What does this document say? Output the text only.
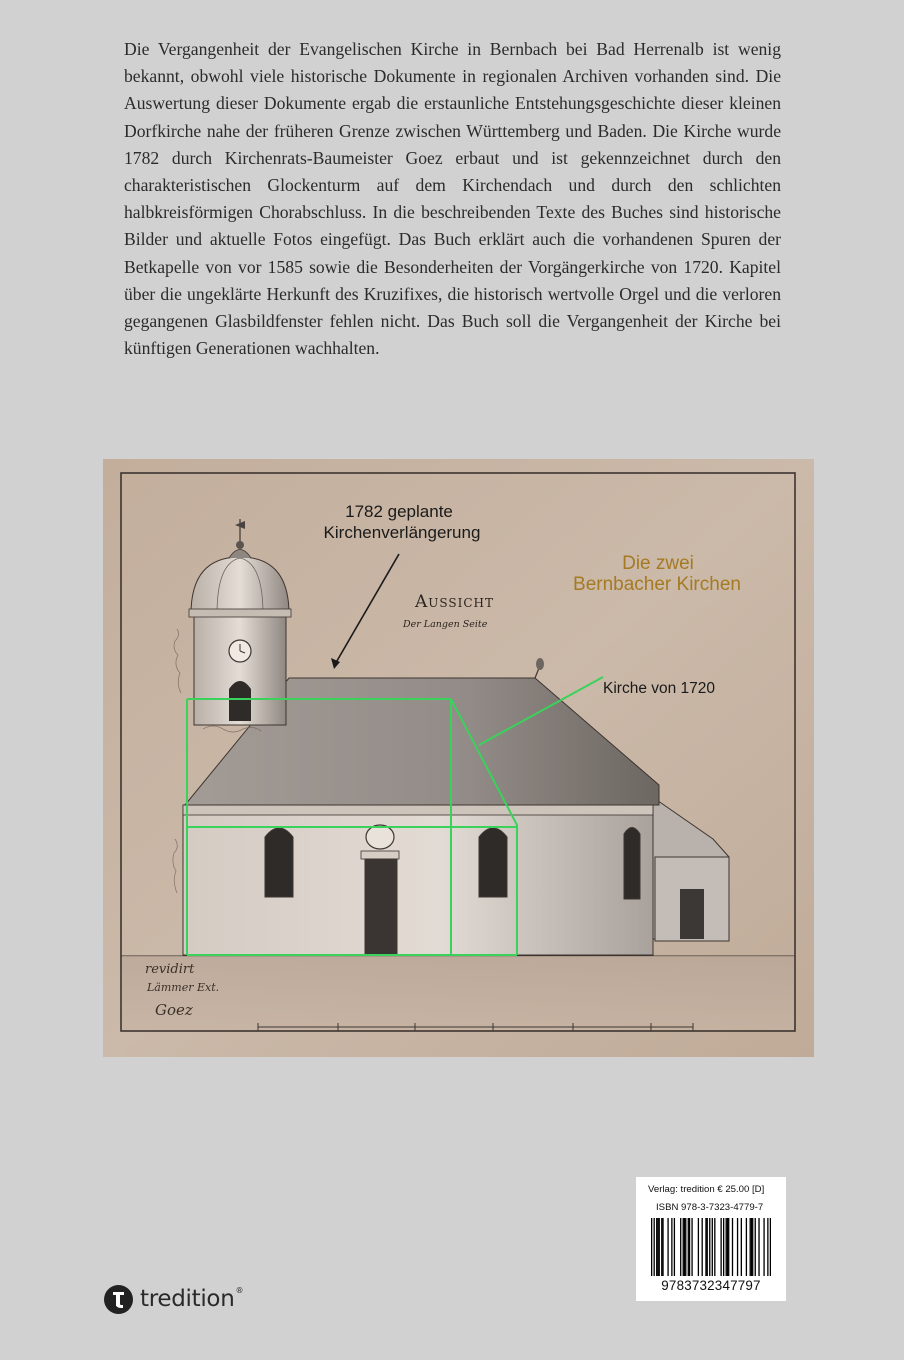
Die Vergangenheit der Evangelischen Kirche in Bernbach bei Bad Herrenalb ist wenig bekannt, obwohl viele historische Dokumente in regionalen Archiven vorhanden sind. Die Auswertung dieser Dokumente ergab die erstaunliche Entstehungsgeschichte dieser kleinen Dorfkirche nahe der früheren Grenze zwischen Württemberg und Baden. Die Kirche wurde 1782 durch Kirchenrats-Baumeister Goez erbaut und ist gekennzeichnet durch den charakteristischen Glockenturm auf dem Kirchendach und durch den schlichten halbkreisförmigen Chorabschluss. In die beschreibenden Texte des Buches sind historische Bilder und aktuelle Fotos eingefügt. Das Buch erklärt auch die vorhandenen Spuren der Betkapelle von vor 1585 sowie die Besonderheiten der Vorgängerkirche von 1720. Kapitel über die ungeklärte Herkunft des Kruzifixes, die historisch wertvolle Orgel und die verloren gegangenen Glasbildfenster fehlen nicht. Das Buch soll die Vergangenheit der Kirche bei künftigen Generationen wachhalten.

1782 geplante
Kirchenverlängerung
Die zwei
Bernbacher Kirchen
Kirche von 1720
Aussicht
Der Langen Seite
revidirt
Lämmer Ext.
Goez
Verlag: tredition € 25.00 [D]
ISBN 978-3-7323-4779-7
9783732347797
tredition®
